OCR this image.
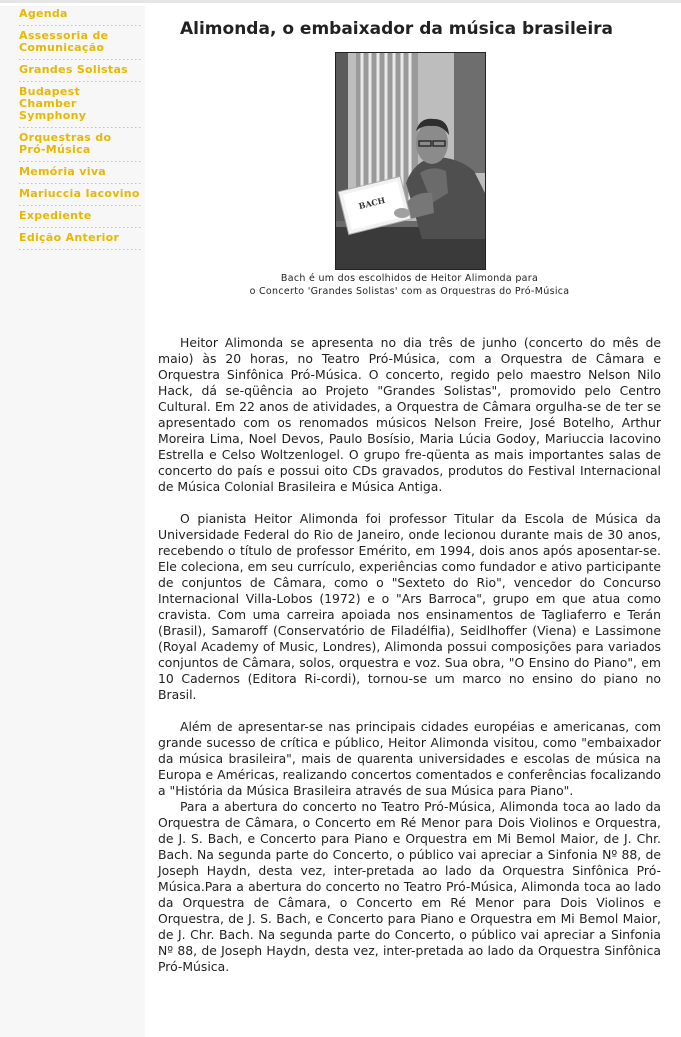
Agenda
Assessoria de Comunicação
Grandes Solistas
Budapest Chamber Symphony
Orquestras do Pró-Música
Memória viva
Mariuccia Iacovino
Expediente
Edição Anterior
Alimonda, o embaixador da música brasileira
BACH
Bach é um dos escolhidos de Heitor Alimonda para
o Concerto 'Grandes Solistas' com as Orquestras do Pró-Música

Heitor Alimonda se apresenta no dia três de junho (concerto do mês de maio) às 20 horas, no Teatro Pró-Música, com a Orquestra de Câmara e Orquestra Sinfônica Pró-Música. O concerto, regido pelo maestro Nelson Nilo Hack, dá se-qüência ao Projeto "Grandes Solistas", promovido pelo Centro Cultural. Em 22 anos de atividades, a Orquestra de Câmara orgulha-se de ter se apresentado com os renomados músicos Nelson Freire, José Botelho, Arthur Moreira Lima, Noel Devos, Paulo Bosísio, Maria Lúcia Godoy, Mariuccia Iacovino Estrella e Celso Woltzenlogel. O grupo fre-qüenta as mais importantes salas de concerto do país e possui oito CDs gravados, produtos do Festival Internacional de Música Colonial Brasileira e Música Antiga.

O pianista Heitor Alimonda foi professor Titular da Escola de Música da Universidade Federal do Rio de Janeiro, onde lecionou durante mais de 30 anos, recebendo o título de professor Emérito, em 1994, dois anos após aposentar-se. Ele coleciona, em seu currículo, experiências como fundador e ativo participante de conjuntos de Câmara, como o "Sexteto do Rio", vencedor do Concurso Internacional Villa-Lobos (1972) e o "Ars Barroca", grupo em que atua como cravista. Com uma carreira apoiada nos ensinamentos de Tagliaferro e Terán (Brasil), Samaroff (Conservatório de Filadélfia), Seidlhoffer (Viena) e Lassimone (Royal Academy of Music, Londres), Alimonda possui composições para variados conjuntos de Câmara, solos, orquestra e voz. Sua obra, "O Ensino do Piano", em 10 Cadernos (Editora Ri-cordi), tornou-se um marco no ensino do piano no Brasil.

Além de apresentar-se nas principais cidades européias e americanas, com grande sucesso de crítica e público, Heitor Alimonda visitou, como "embaixador da música brasileira", mais de quarenta universidades e escolas de música na Europa e Américas, realizando concertos comentados e conferências focalizando a "História da Música Brasileira através de sua Música para Piano".

Para a abertura do concerto no Teatro Pró-Música, Alimonda toca ao lado da Orquestra de Câmara, o Concerto em Ré Menor para Dois Violinos e Orquestra, de J. S. Bach, e Concerto para Piano e Orquestra em Mi Bemol Maior, de J. Chr. Bach. Na segunda parte do Concerto, o público vai apreciar a Sinfonia Nº 88, de Joseph Haydn, desta vez, inter-pretada ao lado da Orquestra Sinfônica Pró-Música.Para a abertura do concerto no Teatro Pró-Música, Alimonda toca ao lado da Orquestra de Câmara, o Concerto em Ré Menor para Dois Violinos e Orquestra, de J. S. Bach, e Concerto para Piano e Orquestra em Mi Bemol Maior, de J. Chr. Bach. Na segunda parte do Concerto, o público vai apreciar a Sinfonia Nº 88, de Joseph Haydn, desta vez, inter-pretada ao lado da Orquestra Sinfônica Pró-Música.
